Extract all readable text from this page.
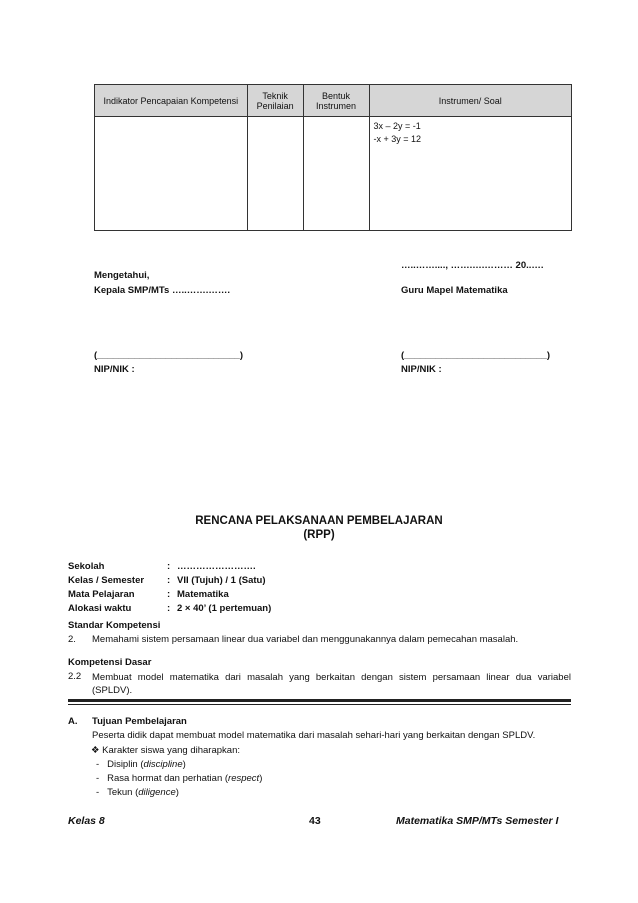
Indikator Pencapaian Kompetensi	Teknik Penilaian	Bentuk Instrumen	Instrumen/ Soal

			3x – 2y = -1
-x + 3y = 12
…..……...., …….….……… 20..….
Mengetahui,
Kepala SMP/MTs …..…….…….	Guru Mapel Matematika
(___________________________)	(___________________________)
NIP/NIK :	NIP/NIK :
RENCANA PELAKSANAAN PEMBELAJARAN
(RPP)
Sekolah	: …………………….
Kelas / Semester : VII (Tujuh) / 1 (Satu)
Mata Pelajaran	: Matematika
Alokasi waktu	: 2 × 40’ (1 pertemuan)
Standar Kompetensi
2. Memahami sistem persamaan linear dua variabel dan menggunakannya dalam pemecahan masalah.
Kompetensi Dasar
2.2 Membuat model matematika dari masalah yang berkaitan dengan sistem persamaan linear dua variabel (SPLDV).
A. Tujuan Pembelajaran
Peserta didik dapat membuat model matematika dari masalah sehari-hari yang berkaitan dengan SPLDV.
❖ Karakter siswa yang diharapkan:
-   Disiplin (discipline)
-   Rasa hormat dan perhatian (respect)
-   Tekun (diligence)
Kelas 8	43	Matematika SMP/MTs Semester I
